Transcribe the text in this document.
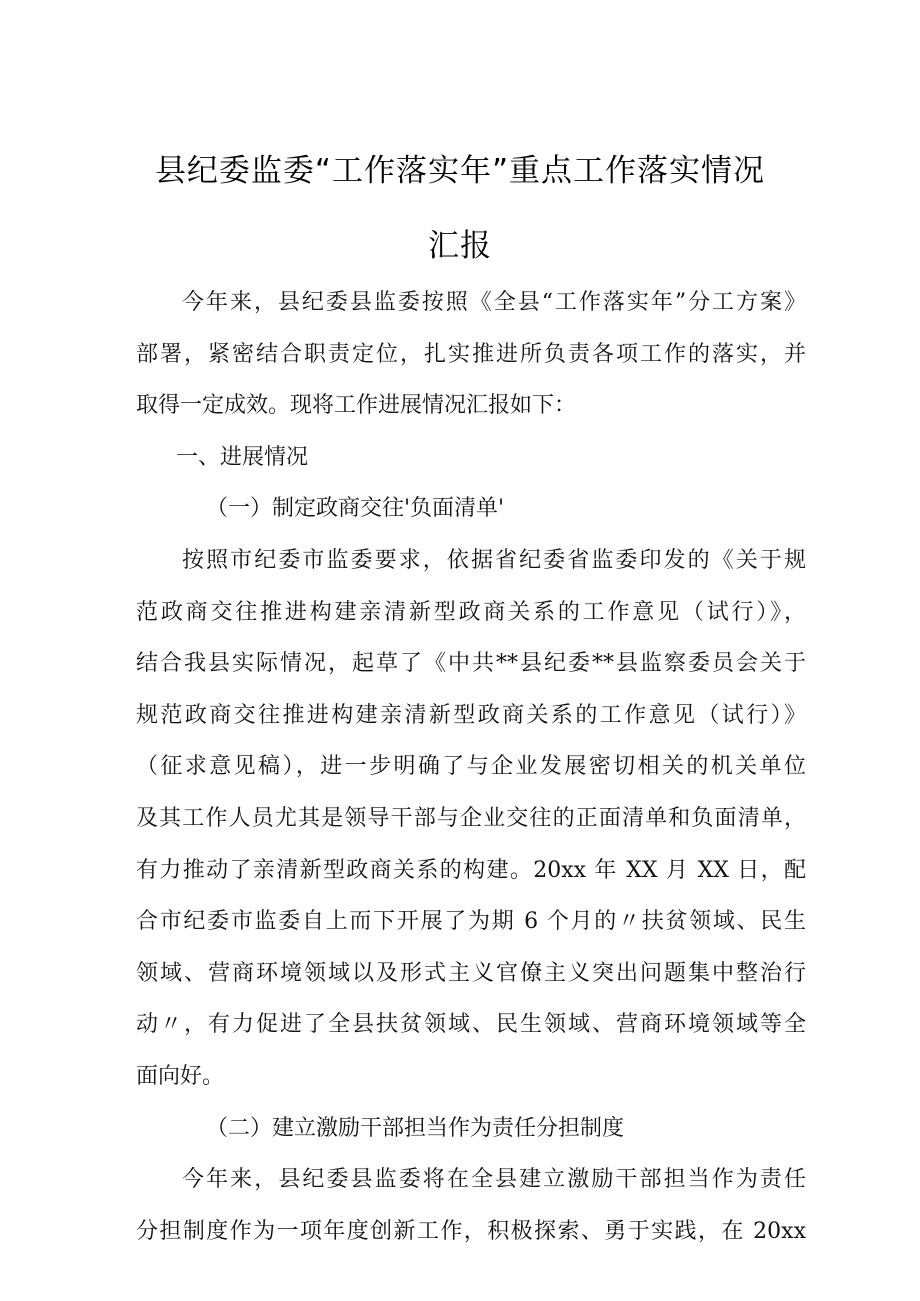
县纪委监委“工作落实年”重点工作落实情况
汇报
今年来，县纪委县监委按照《全县“工作落实年”分工方案》
部署，紧密结合职责定位，扎实推进所负责各项工作的落实，并
取得一定成效。现将工作进展情况汇报如下：
一、进展情况
（一）制定政商交往'负面清单'
按照市纪委市监委要求，依据省纪委省监委印发的《关于规
范政商交往推进构建亲清新型政商关系的工作意见（试行）》，
结合我县实际情况，起草了《中共**县纪委**县监察委员会关于
规范政商交往推进构建亲清新型政商关系的工作意见（试行）》
（征求意见稿），进一步明确了与企业发展密切相关的机关单位
及其工作人员尤其是领导干部与企业交往的正面清单和负面清单，
有力推动了亲清新型政商关系的构建。20xx 年 XX 月 XX 日，配
合市纪委市监委自上而下开展了为期 6 个月的〃扶贫领域、民生
领域、营商环境领域以及形式主义官僚主义突出问题集中整治行
动〃，有力促进了全县扶贫领域、民生领域、营商环境领域等全
面向好。
（二）建立激励干部担当作为责任分担制度
今年来，县纪委县监委将在全县建立激励干部担当作为责任
分担制度作为一项年度创新工作，积极探索、勇于实践，在 20xx
